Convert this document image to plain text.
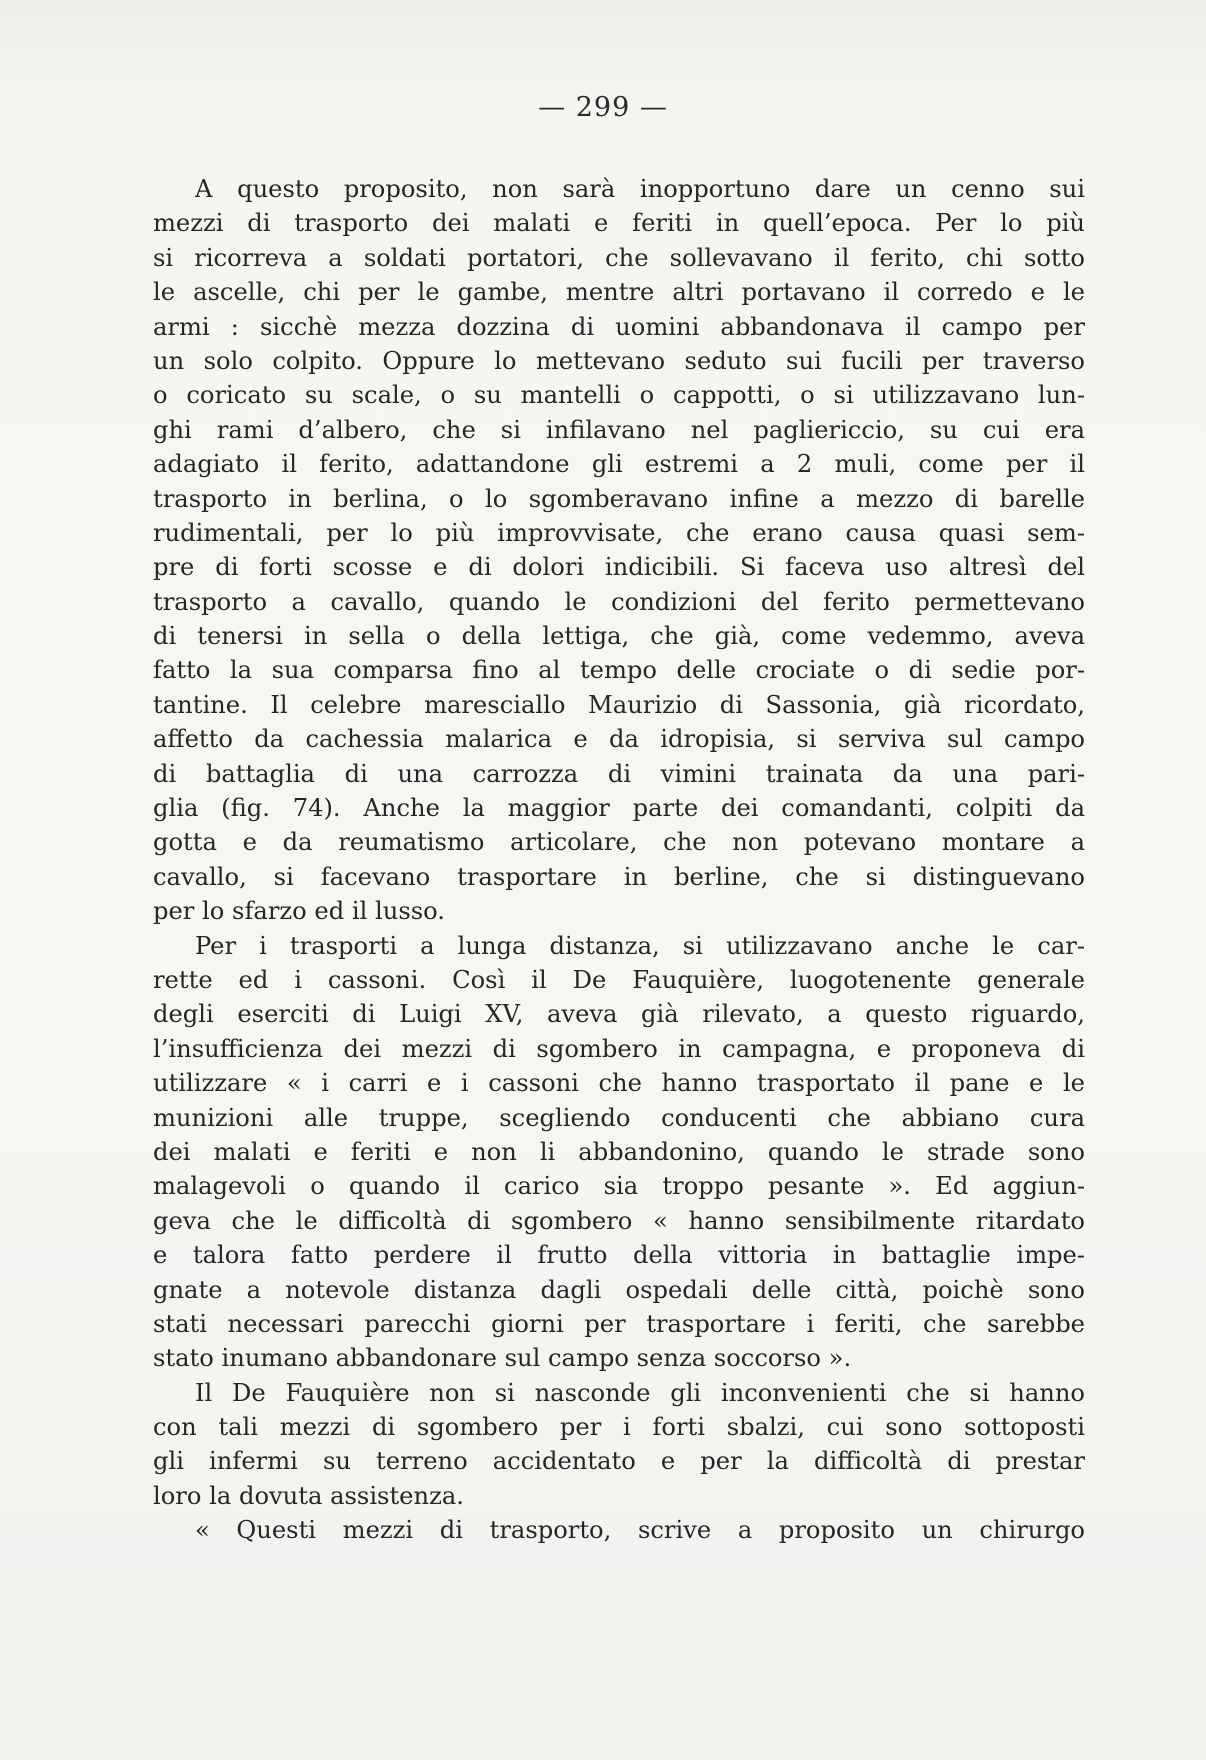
— 299 —
A questo proposito, non sarà inopportuno dare un cenno sui
mezzi di trasporto dei malati e feriti in quell’epoca. Per lo più
si ricorreva a soldati portatori, che sollevavano il ferito, chi sotto
le ascelle, chi per le gambe, mentre altri portavano il corredo e le
armi : sicchè mezza dozzina di uomini abbandonava il campo per
un solo colpito. Oppure lo mettevano seduto sui fucili per traverso
o coricato su scale, o su mantelli o cappotti, o si utilizzavano lun-
ghi rami d’albero, che si infilavano nel pagliericcio, su cui era
adagiato il ferito, adattandone gli estremi a 2 muli, come per il
trasporto in berlina, o lo sgomberavano infine a mezzo di barelle
rudimentali, per lo più improvvisate, che erano causa quasi sem-
pre di forti scosse e di dolori indicibili. Si faceva uso altresì del
trasporto a cavallo, quando le condizioni del ferito permettevano
di tenersi in sella o della lettiga, che già, come vedemmo, aveva
fatto la sua comparsa fino al tempo delle crociate o di sedie por-
tantine. Il celebre maresciallo Maurizio di Sassonia, già ricordato,
affetto da cachessia malarica e da idropisia, si serviva sul campo
di battaglia di una carrozza di vimini trainata da una pari-
glia (fig. 74). Anche la maggior parte dei comandanti, colpiti da
gotta e da reumatismo articolare, che non potevano montare a
cavallo, si facevano trasportare in berline, che si distinguevano
per lo sfarzo ed il lusso.
Per i trasporti a lunga distanza, si utilizzavano anche le car-
rette ed i cassoni. Così il De Fauquière, luogotenente generale
degli eserciti di Luigi XV, aveva già rilevato, a questo riguardo,
l’insufficienza dei mezzi di sgombero in campagna, e proponeva di
utilizzare « i carri e i cassoni che hanno trasportato il pane e le
munizioni alle truppe, scegliendo conducenti che abbiano cura
dei malati e feriti e non li abbandonino, quando le strade sono
malagevoli o quando il carico sia troppo pesante ». Ed aggiun-
geva che le difficoltà di sgombero « hanno sensibilmente ritardato
e talora fatto perdere il frutto della vittoria in battaglie impe-
gnate a notevole distanza dagli ospedali delle città, poichè sono
stati necessari parecchi giorni per trasportare i feriti, che sarebbe
stato inumano abbandonare sul campo senza soccorso ».
Il De Fauquière non si nasconde gli inconvenienti che si hanno
con tali mezzi di sgombero per i forti sbalzi, cui sono sottoposti
gli infermi su terreno accidentato e per la difficoltà di prestar
loro la dovuta assistenza.
« Questi mezzi di trasporto, scrive a proposito un chirurgo
